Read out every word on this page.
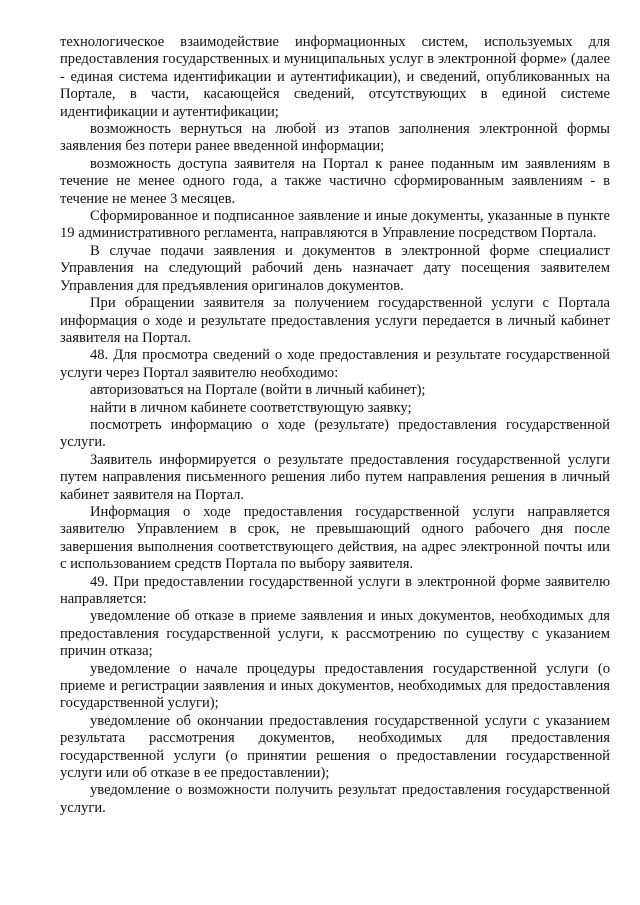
технологическое взаимодействие информационных систем, используемых для предоставления государственных и муниципальных услуг в электронной форме» (далее - единая система идентификации и аутентификации), и сведений, опубликованных на Портале, в части, касающейся сведений, отсутствующих в единой системе идентификации и аутентификации;

возможность вернуться на любой из этапов заполнения электронной формы заявления без потери ранее введенной информации;

возможность доступа заявителя на Портал к ранее поданным им заявлениям в течение не менее одного года, а также частично сформированным заявлениям - в течение не менее 3 месяцев.

Сформированное и подписанное заявление и иные документы, указанные в пункте 19 административного регламента, направляются в Управление посредством Портала.

В случае подачи заявления и документов в электронной форме специалист Управления на следующий рабочий день назначает дату посещения заявителем Управления для предъявления оригиналов документов.

При обращении заявителя за получением государственной услуги с Портала информация о ходе и результате предоставления услуги передается в личный кабинет заявителя на Портал.

48. Для просмотра сведений о ходе предоставления и результате государственной услуги через Портал заявителю необходимо:

авторизоваться на Портале (войти в личный кабинет);

найти в личном кабинете соответствующую заявку;

посмотреть информацию о ходе (результате) предоставления государственной услуги.

Заявитель информируется о результате предоставления государственной услуги путем направления письменного решения либо путем направления решения в личный кабинет заявителя на Портал.

Информация о ходе предоставления государственной услуги направляется заявителю Управлением в срок, не превышающий одного рабочего дня после завершения выполнения соответствующего действия, на адрес электронной почты или с использованием средств Портала по выбору заявителя.

49. При предоставлении государственной услуги в электронной форме заявителю направляется:

уведомление об отказе в приеме заявления и иных документов, необходимых для предоставления государственной услуги, к рассмотрению по существу с указанием причин отказа;

уведомление о начале процедуры предоставления государственной услуги (о приеме и регистрации заявления и иных документов, необходимых для предоставления государственной услуги);

уведомление об окончании предоставления государственной услуги с указанием результата рассмотрения документов, необходимых для предоставления государственной услуги (о принятии решения о предоставлении государственной услуги или об отказе в ее предоставлении);

уведомление о возможности получить результат предоставления государственной услуги.
